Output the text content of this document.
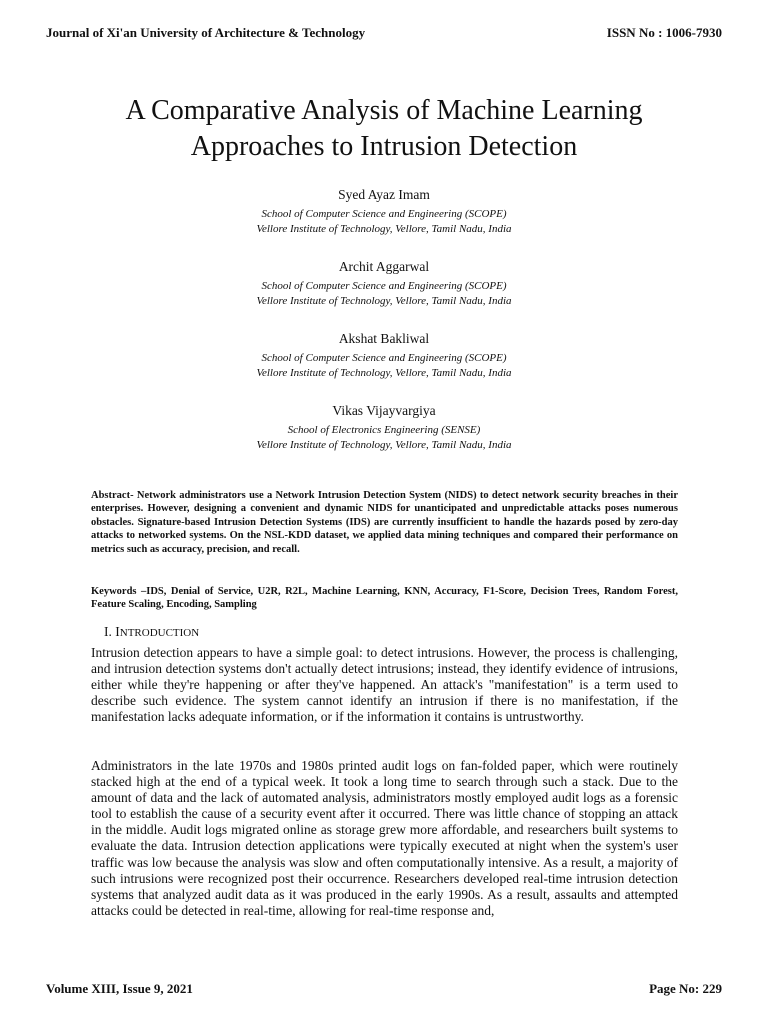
Journal of Xi'an University of Architecture & Technology	ISSN No : 1006-7930
A Comparative Analysis of Machine Learning Approaches to Intrusion Detection
Syed Ayaz Imam
School of Computer Science and Engineering (SCOPE)
Vellore Institute of Technology, Vellore, Tamil Nadu, India
Archit Aggarwal
School of Computer Science and Engineering (SCOPE)
Vellore Institute of Technology, Vellore, Tamil Nadu, India
Akshat Bakliwal
School of Computer Science and Engineering (SCOPE)
Vellore Institute of Technology, Vellore, Tamil Nadu, India
Vikas Vijayvargiya
School of Electronics Engineering (SENSE)
Vellore Institute of Technology, Vellore, Tamil Nadu, India

Abstract- Network administrators use a Network Intrusion Detection System (NIDS) to detect network security breaches in their enterprises. However, designing a convenient and dynamic NIDS for unanticipated and unpredictable attacks poses numerous obstacles. Signature-based Intrusion Detection Systems (IDS) are currently insufficient to handle the hazards posed by zero-day attacks to networked systems. On the NSL-KDD dataset, we applied data mining techniques and compared their performance on metrics such as accuracy, precision, and recall.

Keywords –IDS, Denial of Service, U2R, R2L, Machine Learning, KNN, Accuracy, F1-Score, Decision Trees, Random Forest, Feature Scaling, Encoding, Sampling

I. INTRODUCTION

Intrusion detection appears to have a simple goal: to detect intrusions. However, the process is challenging, and intrusion detection systems don't actually detect intrusions; instead, they identify evidence of intrusions, either while they're happening or after they've happened. An attack's "manifestation" is a term used to describe such evidence. The system cannot identify an intrusion if there is no manifestation, if the manifestation lacks adequate information, or if the information it contains is untrustworthy.

Administrators in the late 1970s and 1980s printed audit logs on fan-folded paper, which were routinely stacked high at the end of a typical week. It took a long time to search through such a stack. Due to the amount of data and the lack of automated analysis, administrators mostly employed audit logs as a forensic tool to establish the cause of a security event after it occurred. There was little chance of stopping an attack in the middle. Audit logs migrated online as storage grew more affordable, and researchers built systems to evaluate the data. Intrusion detection applications were typically executed at night when the system's user traffic was low because the analysis was slow and often computationally intensive. As a result, a majority of such intrusions were recognized post their occurrence. Researchers developed real-time intrusion detection systems that analyzed audit data as it was produced in the early 1990s. As a result, assaults and attempted attacks could be detected in real-time, allowing for real-time response and,

Volume XIII, Issue 9, 2021	Page No: 229
